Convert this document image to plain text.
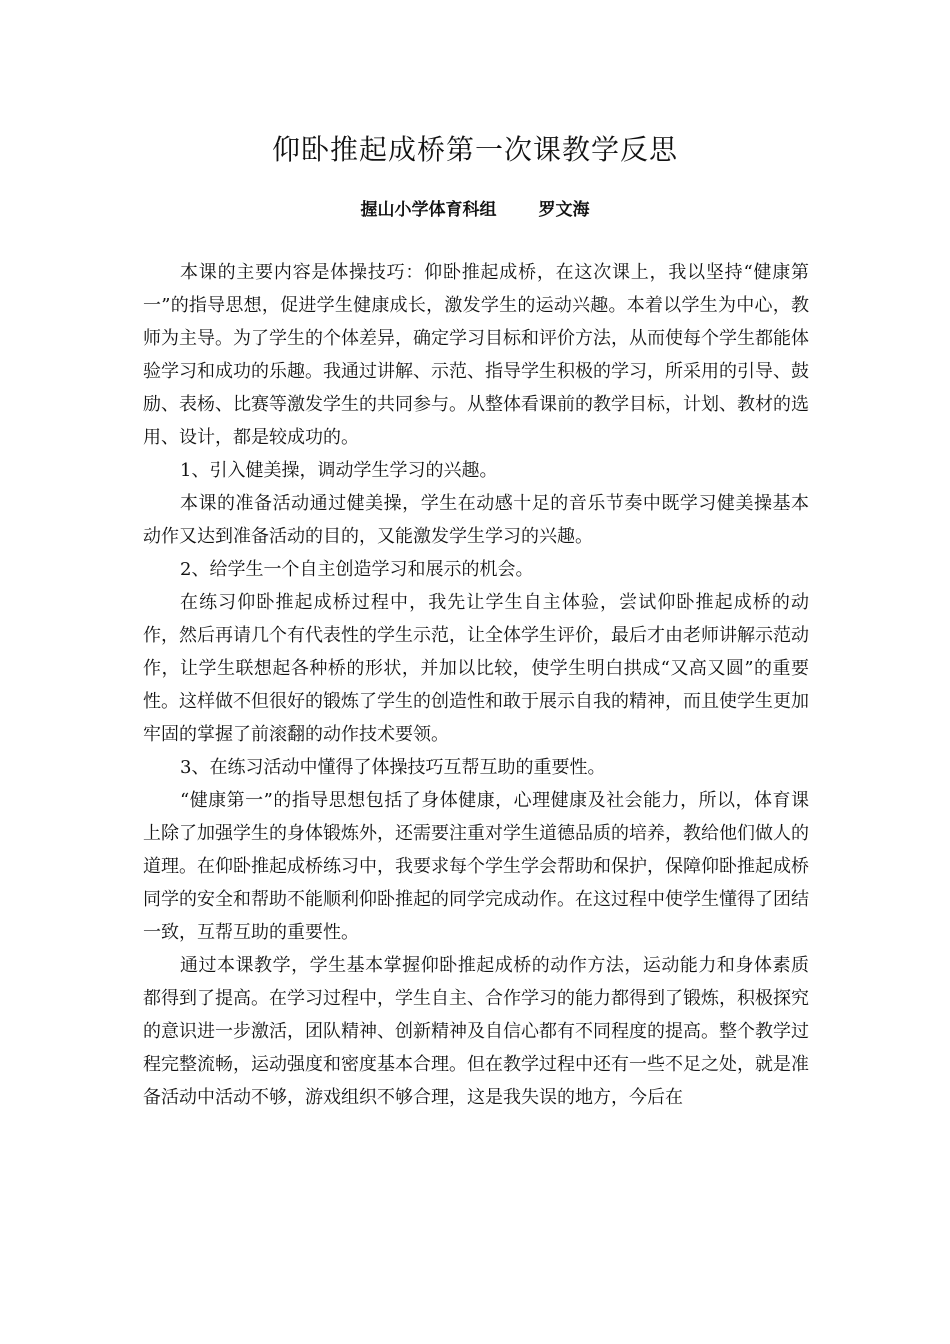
仰卧推起成桥第一次课教学反思
握山小学体育科组 罗文海

本课的主要内容是体操技巧：仰卧推起成桥，在这次课上，我以坚持“健康第一”的指导思想，促进学生健康成长，激发学生的运动兴趣。本着以学生为中心，教师为主导。为了学生的个体差异，确定学习目标和评价方法，从而使每个学生都能体验学习和成功的乐趣。我通过讲解、示范、指导学生积极的学习，所采用的引导、鼓励、表杨、比赛等激发学生的共同参与。从整体看课前的教学目标，计划、教材的选用、设计，都是较成功的。

1、引入健美操，调动学生学习的兴趣。

本课的准备活动通过健美操，学生在动感十足的音乐节奏中既学习健美操基本动作又达到准备活动的目的，又能激发学生学习的兴趣。

2、给学生一个自主创造学习和展示的机会。

在练习仰卧推起成桥过程中，我先让学生自主体验，尝试仰卧推起成桥的动作，然后再请几个有代表性的学生示范，让全体学生评价，最后才由老师讲解示范动作，让学生联想起各种桥的形状，并加以比较，使学生明白拱成“又高又圆”的重要性。这样做不但很好的锻炼了学生的创造性和敢于展示自我的精神，而且使学生更加牢固的掌握了前滚翻的动作技术要领。

3、在练习活动中懂得了体操技巧互帮互助的重要性。

“健康第一”的指导思想包括了身体健康，心理健康及社会能力，所以，体育课上除了加强学生的身体锻炼外，还需要注重对学生道德品质的培养，教给他们做人的道理。在仰卧推起成桥练习中，我要求每个学生学会帮助和保护，保障仰卧推起成桥同学的安全和帮助不能顺利仰卧推起的同学完成动作。在这过程中使学生懂得了团结一致，互帮互助的重要性。

通过本课教学，学生基本掌握仰卧推起成桥的动作方法，运动能力和身体素质都得到了提高。在学习过程中，学生自主、合作学习的能力都得到了锻炼，积极探究的意识进一步激活，团队精神、创新精神及自信心都有不同程度的提高。整个教学过程完整流畅，运动强度和密度基本合理。但在教学过程中还有一些不足之处，就是准备活动中活动不够，游戏组织不够合理，这是我失误的地方，今后在
